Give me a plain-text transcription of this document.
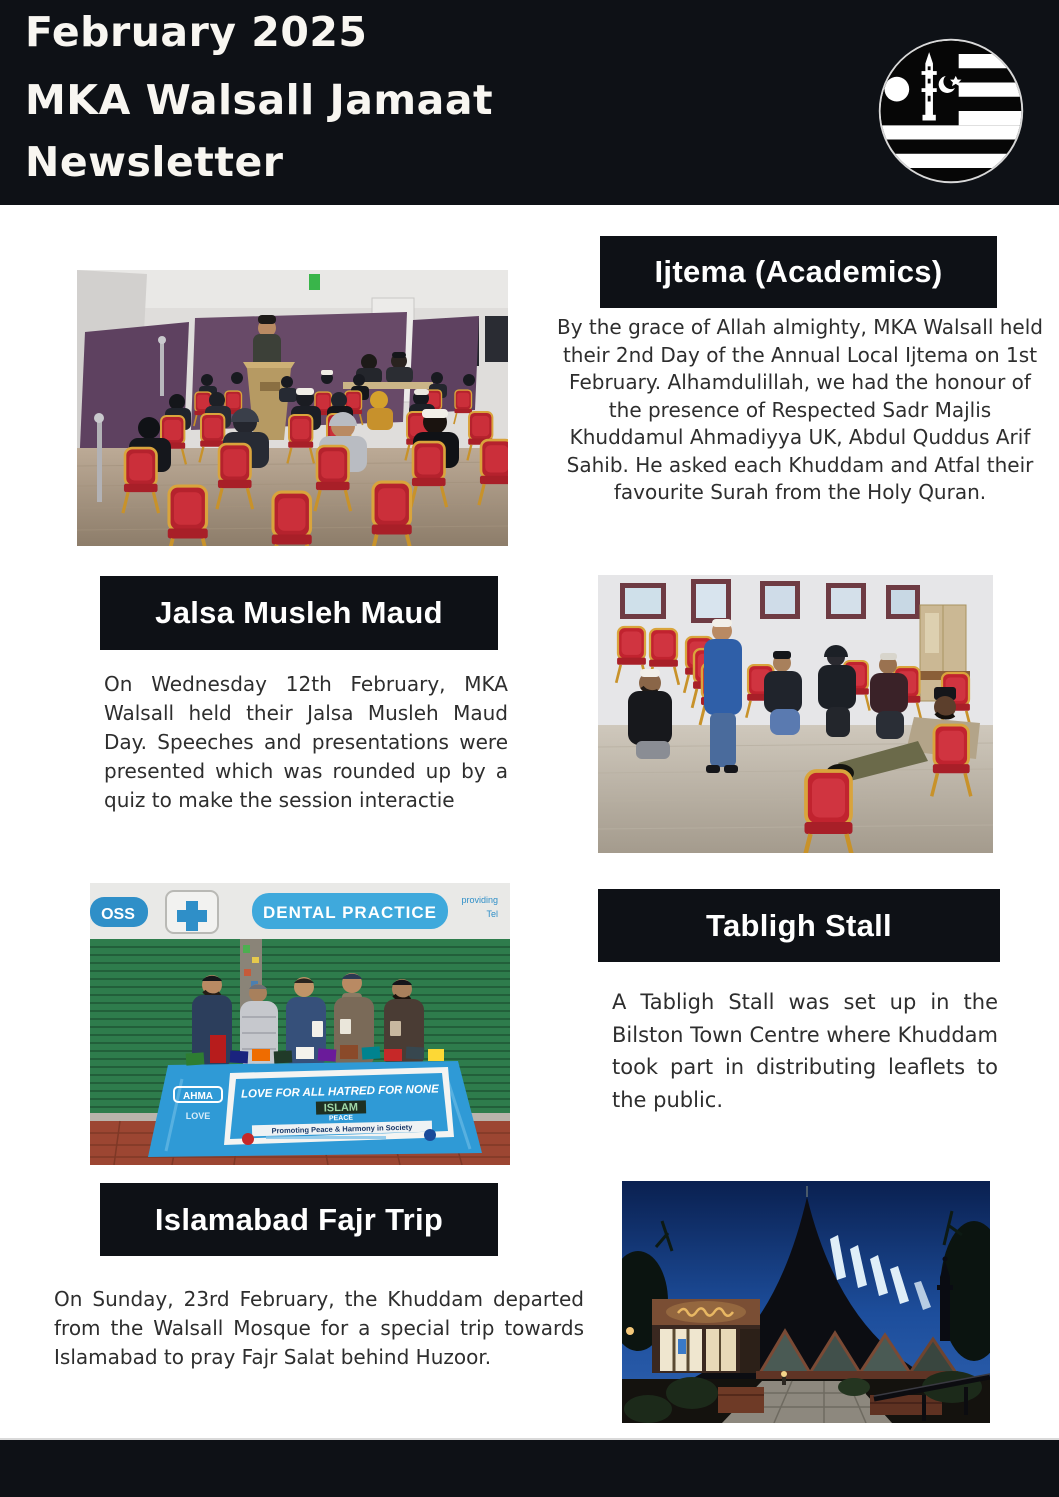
February 2025
MKA Walsall Jamaat
Newsletter
Ijtema (Academics)
By the grace of Allah almighty, MKA Walsall held their 2nd Day of the Annual Local Ijtema on 1st February. Alhamdulillah, we had the honour of the presence of Respected Sadr Majlis Khuddamul Ahmadiyya UK, Abdul Quddus Arif Sahib. He asked each Khuddam and Atfal their favourite Surah from the Holy Quran.
Jalsa Musleh Maud
On Wednesday 12th February, MKA Walsall held their Jalsa Musleh Maud Day. Speeches and presentations were presented which was rounded up by a quiz to make the session interactie
OSS	DENTAL PRACTICE
providing
Tel
AHMA
LOVE
LOVE FOR ALL HATRED FOR NONE
ISLAM
PEACE
Promoting Peace & Harmony in Society
Tabligh Stall
A Tabligh Stall was set up in the Bilston Town Centre where Khuddam took part in distributing leaflets to the public.
Islamabad Fajr Trip
On Sunday, 23rd February, the Khuddam departed from the Walsall Mosque for a special trip towards Islamabad to pray Fajr Salat behind Huzoor.
